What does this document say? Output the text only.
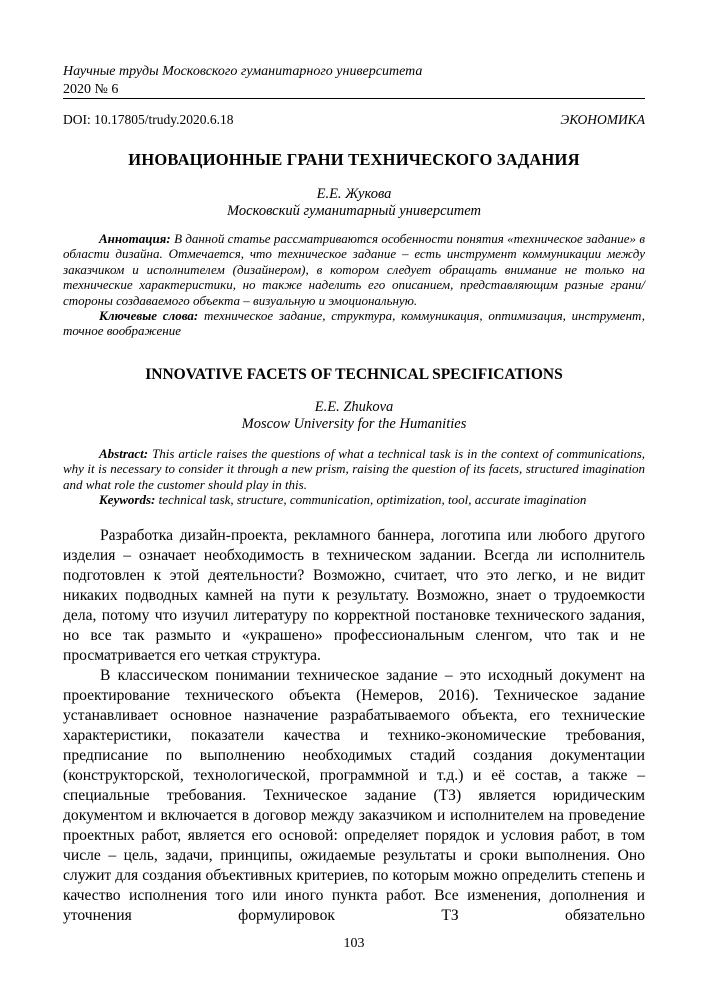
Научные труды Московского гуманитарного университета
2020 № 6
DOI: 10.17805/trudy.2020.6.18	ЭКОНОМИКА
ИНОВАЦИОННЫЕ ГРАНИ ТЕХНИЧЕСКОГО ЗАДАНИЯ
Е.Е. Жукова
Московский гуманитарный университет

Аннотация: В данной статье рассматриваются особенности понятия «техническое задание» в области дизайна. Отмечается, что техническое задание – есть инструмент коммуникации между заказчиком и исполнителем (дизайнером), в котором следует обращать внимание не только на технические характеристики, но также наделить его описанием, представляющим разные грани/стороны создаваемого объекта – визуальную и эмоциональную.

Ключевые слова: техническое задание, структура, коммуникация, оптимизация, инструмент, точное воображение

INNOVATIVE FACETS OF TECHNICAL SPECIFICATIONS
E.E. Zhukova
Moscow University for the Humanities

Abstract: This article raises the questions of what a technical task is in the context of communications, why it is necessary to consider it through a new prism, raising the question of its facets, structured imagination and what role the customer should play in this.

Keywords: technical task, structure, communication, optimization, tool, accurate imagination

Разработка дизайн-проекта, рекламного баннера, логотипа или любого другого изделия – означает необходимость в техническом задании. Всегда ли исполнитель подготовлен к этой деятельности? Возможно, считает, что это легко, и не видит никаких подводных камней на пути к результату. Возможно, знает о трудоемкости дела, потому что изучил литературу по корректной постановке технического задания, но все так размыто и «украшено» профессиональным сленгом, что так и не просматривается его четкая структура.

В классическом понимании техническое задание – это исходный документ на проектирование технического объекта (Немеров, 2016). Техническое задание устанавливает основное назначение разрабатываемого объекта, его технические характеристики, показатели качества и технико-экономические требования, предписание по выполнению необходимых стадий создания документации (конструкторской, технологической, программной и т.д.) и её состав, а также – специальные требования. Техническое задание (ТЗ) является юридическим документом и включается в договор между заказчиком и исполнителем на проведение проектных работ, является его основой: определяет порядок и условия работ, в том числе – цель, задачи, принципы, ожидаемые результаты и сроки выполнения. Оно служит для создания объективных критериев, по которым можно определить степень и качество исполнения того или иного пункта работ. Все изменения, дополнения и уточнения формулировок ТЗ обязательно

103
